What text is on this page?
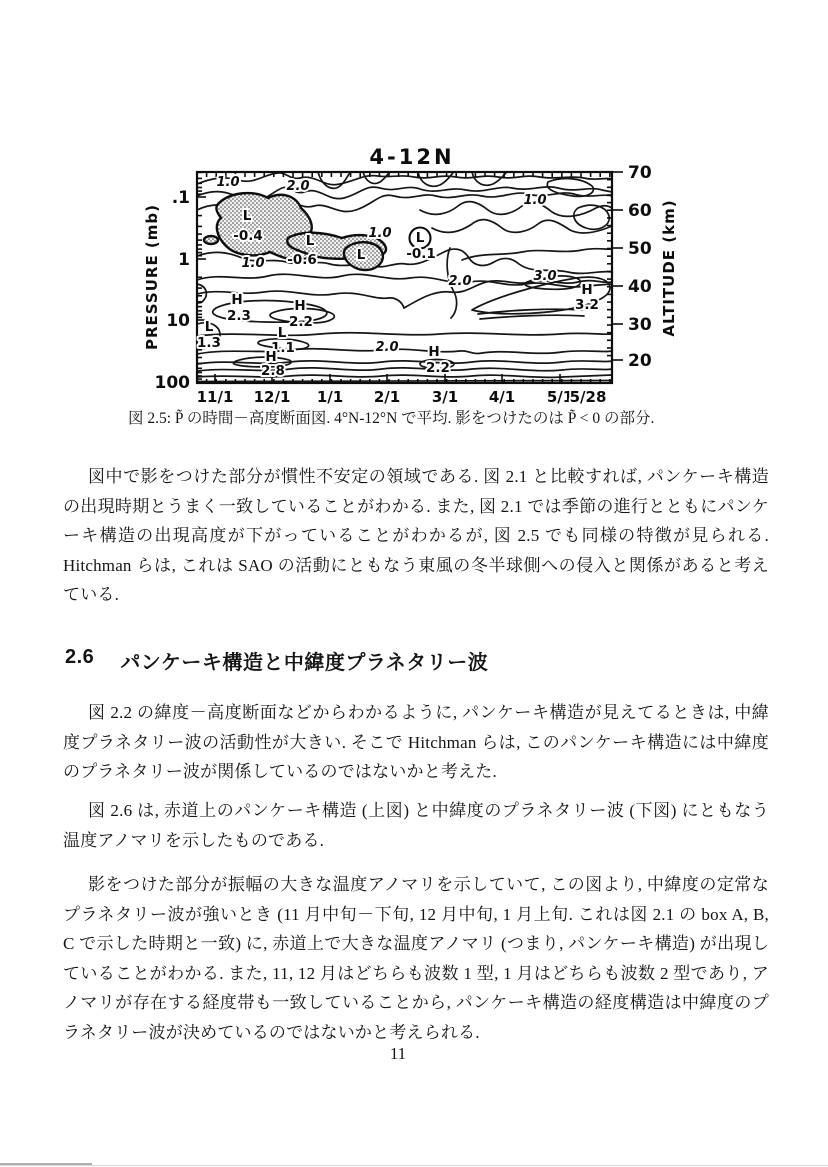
4-12N
PRESSURE (mb)	ALTITUDE (km)
.1
1
10
100
70
60
50
40
30
20
11/1 12/1 1/1 2/1 3/1 4/1 5/1
5/28
1.0	2.0
L
-0.4	L
-0.6	L
1.0
1.0 L
-0.1
1.0
2.0	3.0
H
3.2
H
2.3
H
2.2
L
1.3
L
1.1	2.0
H
2.8
H
2.2
図 2.5: P̃ の時間－高度断面図. 4°N-12°N で平均. 影をつけたのは P̃ < 0 の部分.

図中で影をつけた部分が慣性不安定の領域である. 図 2.1 と比較すれば, パンケーキ構造の出現時期とうまく一致していることがわかる. また, 図 2.1 では季節の進行とともにパンケーキ構造の出現高度が下がっていることがわかるが, 図 2.5 でも同様の特徴が見られる. Hitchman らは, これは SAO の活動にともなう東風の冬半球側への侵入と関係があると考えている.

2.6 パンケーキ構造と中緯度プラネタリー波

図 2.2 の緯度－高度断面などからわかるように, パンケーキ構造が見えてるときは, 中緯度プラネタリー波の活動性が大きい. そこで Hitchman らは, このパンケーキ構造には中緯度のプラネタリー波が関係しているのではないかと考えた.

図 2.6 は, 赤道上のパンケーキ構造 (上図) と中緯度のプラネタリー波 (下図) にともなう温度アノマリを示したものである.

影をつけた部分が振幅の大きな温度アノマリを示していて, この図より, 中緯度の定常なプラネタリー波が強いとき (11 月中旬－下旬, 12 月中旬, 1 月上旬. これは図 2.1 の box A, B, C で示した時期と一致) に, 赤道上で大きな温度アノマリ (つまり, パンケーキ構造) が出現していることがわかる. また, 11, 12 月はどちらも波数 1 型, 1 月はどちらも波数 2 型であり, アノマリが存在する経度帯も一致していることから, パンケーキ構造の経度構造は中緯度のプラネタリー波が決めているのではないかと考えられる.

11
